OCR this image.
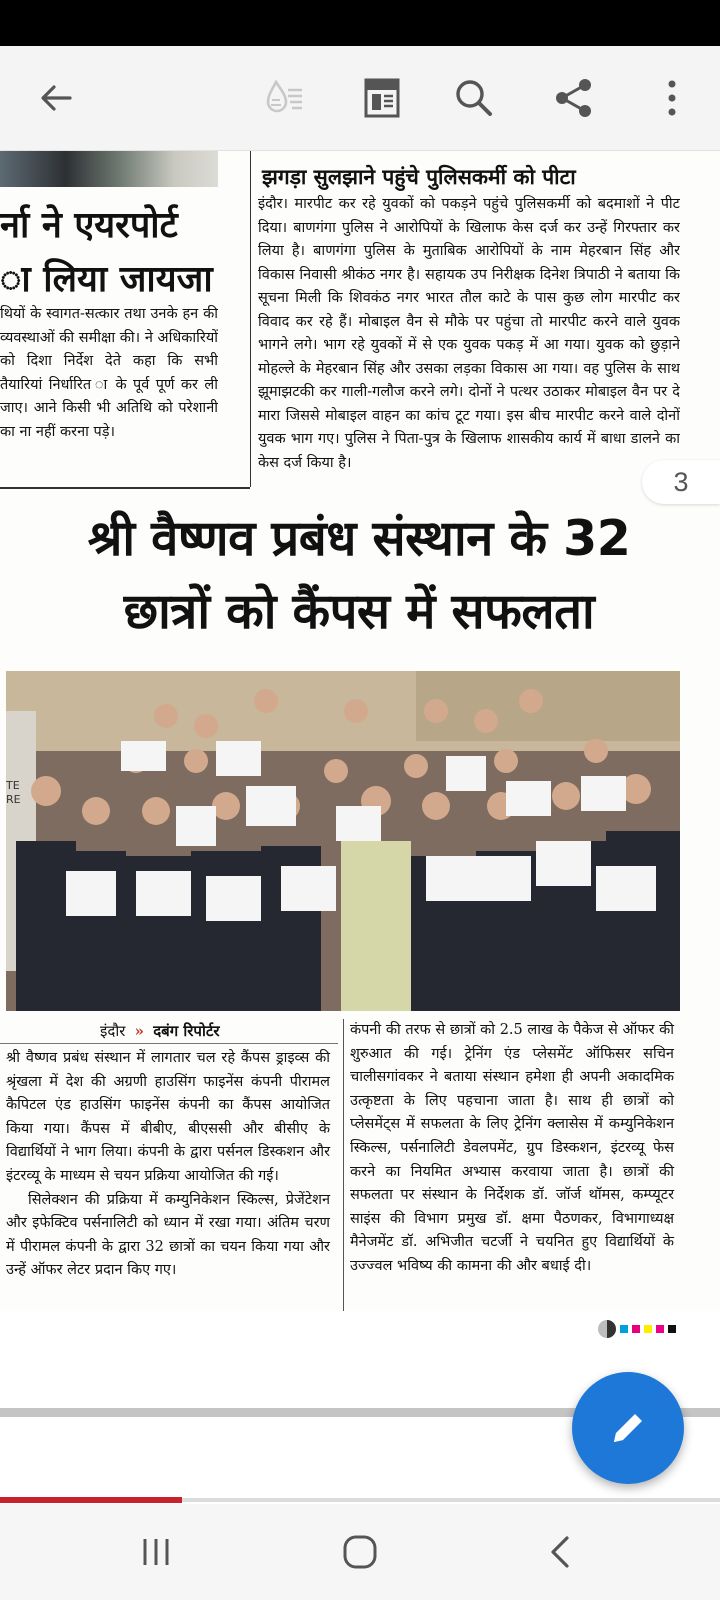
र्ना ने एयरपोर्ट
ा लिया जायजा
थियों के स्वागत-सत्कार तथा उनके हन की व्यवस्थाओं की समीक्षा की। ने अधिकारियों को दिशा निर्देश देते कहा कि सभी तैयारियां निर्धारित ा के पूर्व पूर्ण कर ली जाए। आने किसी भी अतिथि को परेशानी का ना नहीं करना पड़े।
झगड़ा सुलझाने पहुंचे पुलिसकर्मी को पीटा
इंदौर। मारपीट कर रहे युवकों को पकड़ने पहुंचे पुलिसकर्मी को बदमाशों ने पीट दिया। बाणगंगा पुलिस ने आरोपियों के खिलाफ केस दर्ज कर उन्हें गिरफ्तार कर लिया है। बाणगंगा पुलिस के मुताबिक आरोपियों के नाम मेहरबान सिंह और विकास निवासी श्रीकंठ नगर है। सहायक उप निरीक्षक दिनेश त्रिपाठी ने बताया कि सूचना मिली कि शिवकंठ नगर भारत तौल काटे के पास कुछ लोग मारपीट कर विवाद कर रहे हैं। मोबाइल वैन से मौके पर पहुंचा तो मारपीट करने वाले युवक भागने लगे। भाग रहे युवकों में से एक युवक पकड़ में आ गया। युवक को छुड़ाने मोहल्ले के मेहरबान सिंह और उसका लड़का विकास आ गया। वह पुलिस के साथ झूमाझटकी कर गाली-गलौज करने लगे। दोनों ने पत्थर उठाकर मोबाइल वैन पर दे मारा जिससे मोबाइल वाहन का कांच टूट गया। इस बीच मारपीट करने वाले दोनों युवक भाग गए। पुलिस ने पिता-पुत्र के खिलाफ शासकीय कार्य में बाधा डालने का केस दर्ज किया है।
श्री वैष्णव प्रबंध संस्थान के 32
छात्रों को कैंपस में सफलता
TE RE
इंदौर » दबंग रिपोर्टर
श्री वैष्णव प्रबंध संस्थान में लागतार चल रहे कैंपस ड्राइव्स की श्रृंखला में देश की अग्रणी हाउसिंग फाइनेंस कंपनी पीरामल कैपिटल एंड हाउसिंग फाइनेंस कंपनी का कैंपस आयोजित किया गया। कैंपस में बीबीए, बीएससी और बीसीए के विद्यार्थियों ने भाग लिया। कंपनी के द्वारा पर्सनल डिस्कशन और इंटरव्यू के माध्यम से चयन प्रक्रिया आयोजित की गई।
सिलेक्शन की प्रक्रिया में कम्युनिकेशन स्किल्स, प्रेजेंटेशन और इफेक्टिव पर्सनालिटी को ध्यान में रखा गया। अंतिम चरण में पीरामल कंपनी के द्वारा 32 छात्रों का चयन किया गया और उन्हें ऑफर लेटर प्रदान किए गए।
कंपनी की तरफ से छात्रों को 2.5 लाख के पैकेज से ऑफर की शुरुआत की गई। ट्रेनिंग एंड प्लेसमेंट ऑफिसर सचिन चालीसगांवकर ने बताया संस्थान हमेशा ही अपनी अकादमिक उत्कृष्टता के लिए पहचाना जाता है। साथ ही छात्रों को प्लेसमेंट्स में सफलता के लिए ट्रेनिंग क्लासेस में कम्युनिकेशन स्किल्स, पर्सनालिटी डेवलपमेंट, ग्रुप डिस्कशन, इंटरव्यू फेस करने का नियमित अभ्यास करवाया जाता है। छात्रों की सफलता पर संस्थान के निर्देशक डॉ. जॉर्ज थॉमस, कम्प्यूटर साइंस की विभाग प्रमुख डॉ. क्षमा पैठणकर, विभागाध्यक्ष मैनेजमेंट डॉ. अभिजीत चटर्जी ने चयनित हुए विद्यार्थियों के उज्ज्वल भविष्य की कामना की और बधाई दी।
3
